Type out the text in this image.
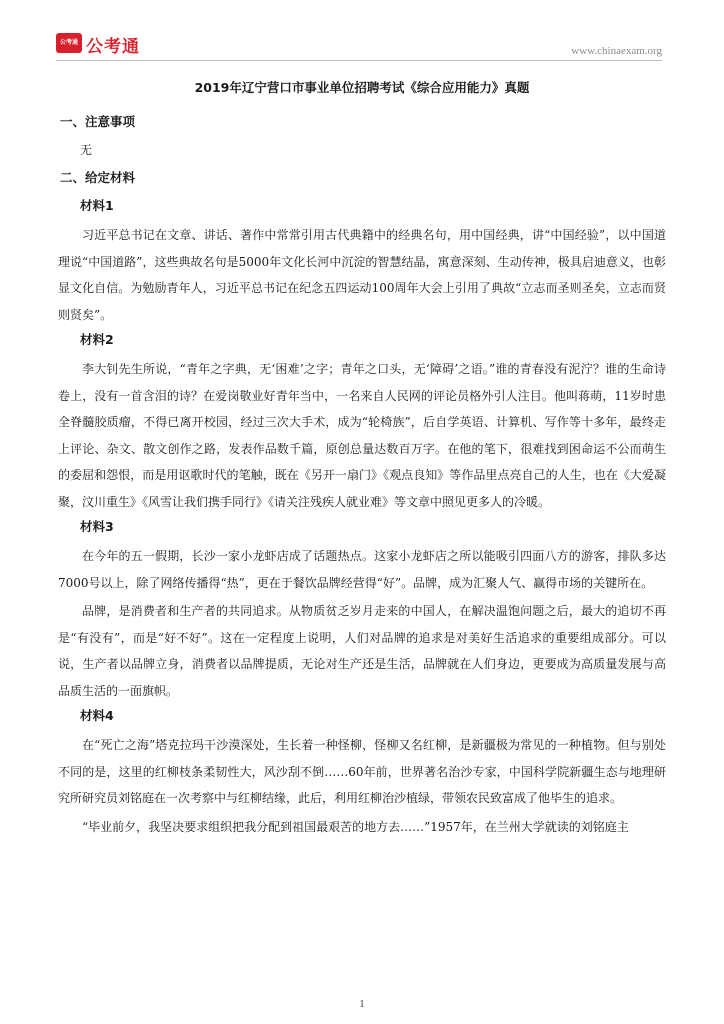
公考通 公考通	www.chinaexam.org
2019年辽宁营口市事业单位招聘考试《综合应用能力》真题
一、注意事项
无
二、给定材料
材料1

习近平总书记在文章、讲话、著作中常常引用古代典籍中的经典名句，用中国经典，讲“中国经验”，以中国道理说“中国道路”，这些典故名句是5000年文化长河中沉淀的智慧结晶，寓意深刻、生动传神，极具启迪意义，也彰显文化自信。为勉励青年人，习近平总书记在纪念五四运动100周年大会上引用了典故“立志而圣则圣矣，立志而贤则贤矣”。

材料2

李大钊先生所说，“青年之字典，无‘困难’之字；青年之口头，无‘障碍’之语。”谁的青春没有泥泞？谁的生命诗卷上，没有一首含泪的诗？在爱岗敬业好青年当中，一名来自人民网的评论员格外引人注目。他叫蒋萌，11岁时患全脊髓胶质瘤，不得已离开校园，经过三次大手术，成为“轮椅族”，后自学英语、计算机、写作等十多年，最终走上评论、杂文、散文创作之路，发表作品数千篇，原创总量达数百万字。在他的笔下，很难找到困命运不公而萌生的委屈和怨恨，而是用讴歌时代的笔触，既在《另开一扇门》《观点良知》等作品里点亮自己的人生，也在《大爱凝聚，汶川重生》《风雪让我们携手同行》《请关注残疾人就业难》等文章中照见更多人的冷暖。

材料3

在今年的五一假期，长沙一家小龙虾店成了话题热点。这家小龙虾店之所以能吸引四面八方的游客，排队多达7000号以上，除了网络传播得“热”，更在于餐饮品牌经营得“好”。品牌，成为汇聚人气、赢得市场的关键所在。

品牌，是消费者和生产者的共同追求。从物质贫乏岁月走来的中国人，在解决温饱问题之后，最大的追切不再是“有没有”，而是“好不好”。这在一定程度上说明，人们对品牌的追求是对美好生活追求的重要组成部分。可以说，生产者以品牌立身，消费者以品牌提质，无论对生产还是生活，品牌就在人们身边，更要成为高质量发展与高品质生活的一面旗帜。

材料4

在“死亡之海”塔克拉玛干沙漠深处，生长着一种怪柳，怪柳又名红柳，是新疆极为常见的一种植物。但与别处不同的是，这里的红柳枝条柔韧性大，风沙刮不倒……60年前，世界著名治沙专家，中国科学院新疆生态与地理研究所研究员刘铭庭在一次考察中与红柳结缘，此后，利用红柳治沙植绿，带领农民致富成了他毕生的追求。

“毕业前夕，我坚决要求组织把我分配到祖国最艰苦的地方去……”1957年，在兰州大学就读的刘铭庭主

1
